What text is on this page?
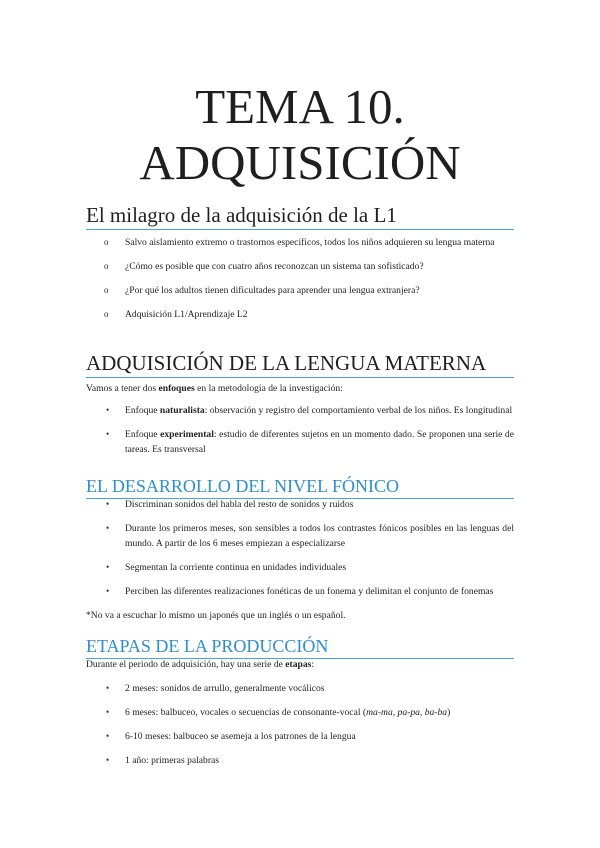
TEMA 10.
ADQUISICIÓN
El milagro de la adquisición de la L1
o Salvo aislamiento extremo o trastornos específicos, todos los niños adquieren su lengua materna
o ¿Cómo es posible que con cuatro años reconozcan un sistema tan sofisticado?
o ¿Por qué los adultos tienen dificultades para aprender una lengua extranjera?
o Adquisición L1/Aprendizaje L2
ADQUISICIÓN DE LA LENGUA MATERNA

Vamos a tener dos enfoques en la metodología de la investigación:

• Enfoque naturalista: observación y registro del comportamiento verbal de los niños. Es longitudinal
• Enfoque experimental: estudio de diferentes sujetos en un momento dado. Se proponen una serie de tareas. Es transversal
EL DESARROLLO DEL NIVEL FÓNICO
• Discriminan sonidos del habla del resto de sonidos y ruidos
• Durante los primeros meses, son sensibles a todos los contrastes fónicos posibles en las lenguas del mundo. A partir de los 6 meses empiezan a especializarse
• Segmentan la corriente continua en unidades individuales
• Perciben las diferentes realizaciones fonéticas de un fonema y delimitan el conjunto de fonemas

*No va a escuchar lo mismo un japonés que un inglés o un español.

ETAPAS DE LA PRODUCCIÓN

Durante el periodo de adquisición, hay una serie de etapas:

• 2 meses: sonidos de arrullo, generalmente vocálicos
• 6 meses: balbuceo, vocales o secuencias de consonante-vocal (ma-ma, pa-pa, ba-ba)
• 6-10 meses: balbuceo se asemeja a los patrones de la lengua
• 1 año: primeras palabras
